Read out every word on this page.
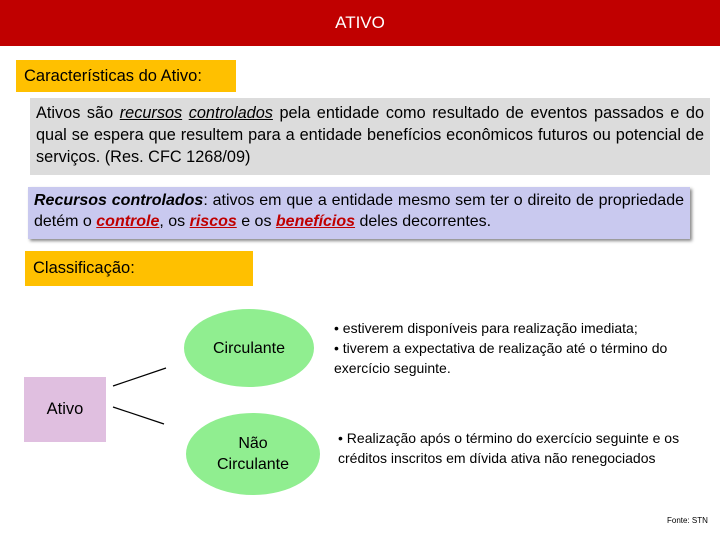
ATIVO
Características do Ativo:
Ativos são recursos controlados pela entidade como resultado de eventos passados e do qual se espera que resultem para a entidade benefícios econômicos futuros ou potencial de serviços. (Res. CFC 1268/09)
Recursos controlados: ativos em que a entidade mesmo sem ter o direito de propriedade detém o controle, os riscos e os benefícios deles decorrentes.
Classificação:
Ativo
Circulante
Não
Circulante
• estiverem disponíveis para realização imediata;
• tiverem a expectativa de realização até o término do exercício seguinte.
• Realização após o término do exercício seguinte e os créditos inscritos em dívida ativa não renegociados
Fonte: STN
